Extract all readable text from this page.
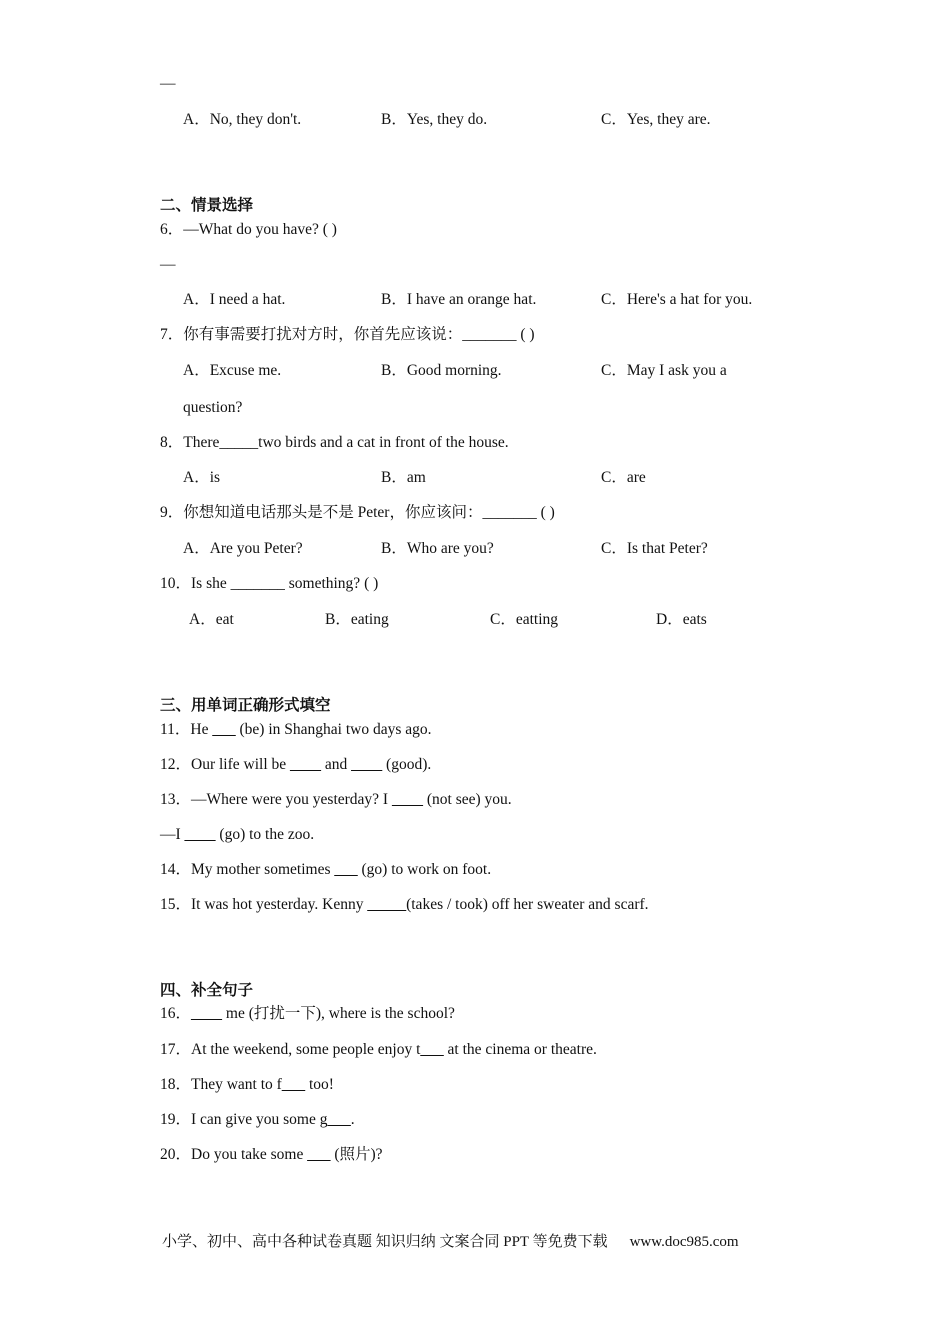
—
A．No, they don't.	B．Yes, they do.	C．Yes, they are.
二、情景选择
6．—What do you have? ( )
—
A．I need a hat.	B．I have an orange hat.	C．Here's a hat for you.
7．你有事需要打扰对方时，你首先应该说：_______ ( )
A．Excuse me.	B．Good morning.	C．May I ask you a
question?
8．There_____two birds and a cat in front of the house.
A．is	B．am	C．are
9．你想知道电话那头是不是 Peter，你应该问：_______ ( )
A．Are you Peter?	B．Who are you?	C．Is that Peter?
10．Is she _______ something? ( )
A．eat	B．eating	C．eatting	D．eats
三、用单词正确形式填空
11．He ___ (be) in Shanghai two days ago.
12．Our life will be ____ and ____ (good).
13．—Where were you yesterday? I ____ (not see) you.
—I ____ (go) to the zoo.
14．My mother sometimes ___ (go) to work on foot.
15．It was hot yesterday. Kenny _____(takes / took) off her sweater and scarf.
四、补全句子
16．____ me (打扰一下), where is the school?
17．At the weekend, some people enjoy t___ at the cinema or theatre.
18．They want to f___ too!
19．I can give you some g___.
20．Do you take some ___ (照片)?
小学、初中、高中各种试卷真题 知识归纳 文案合同 PPT 等免费下载 www.doc985.com
